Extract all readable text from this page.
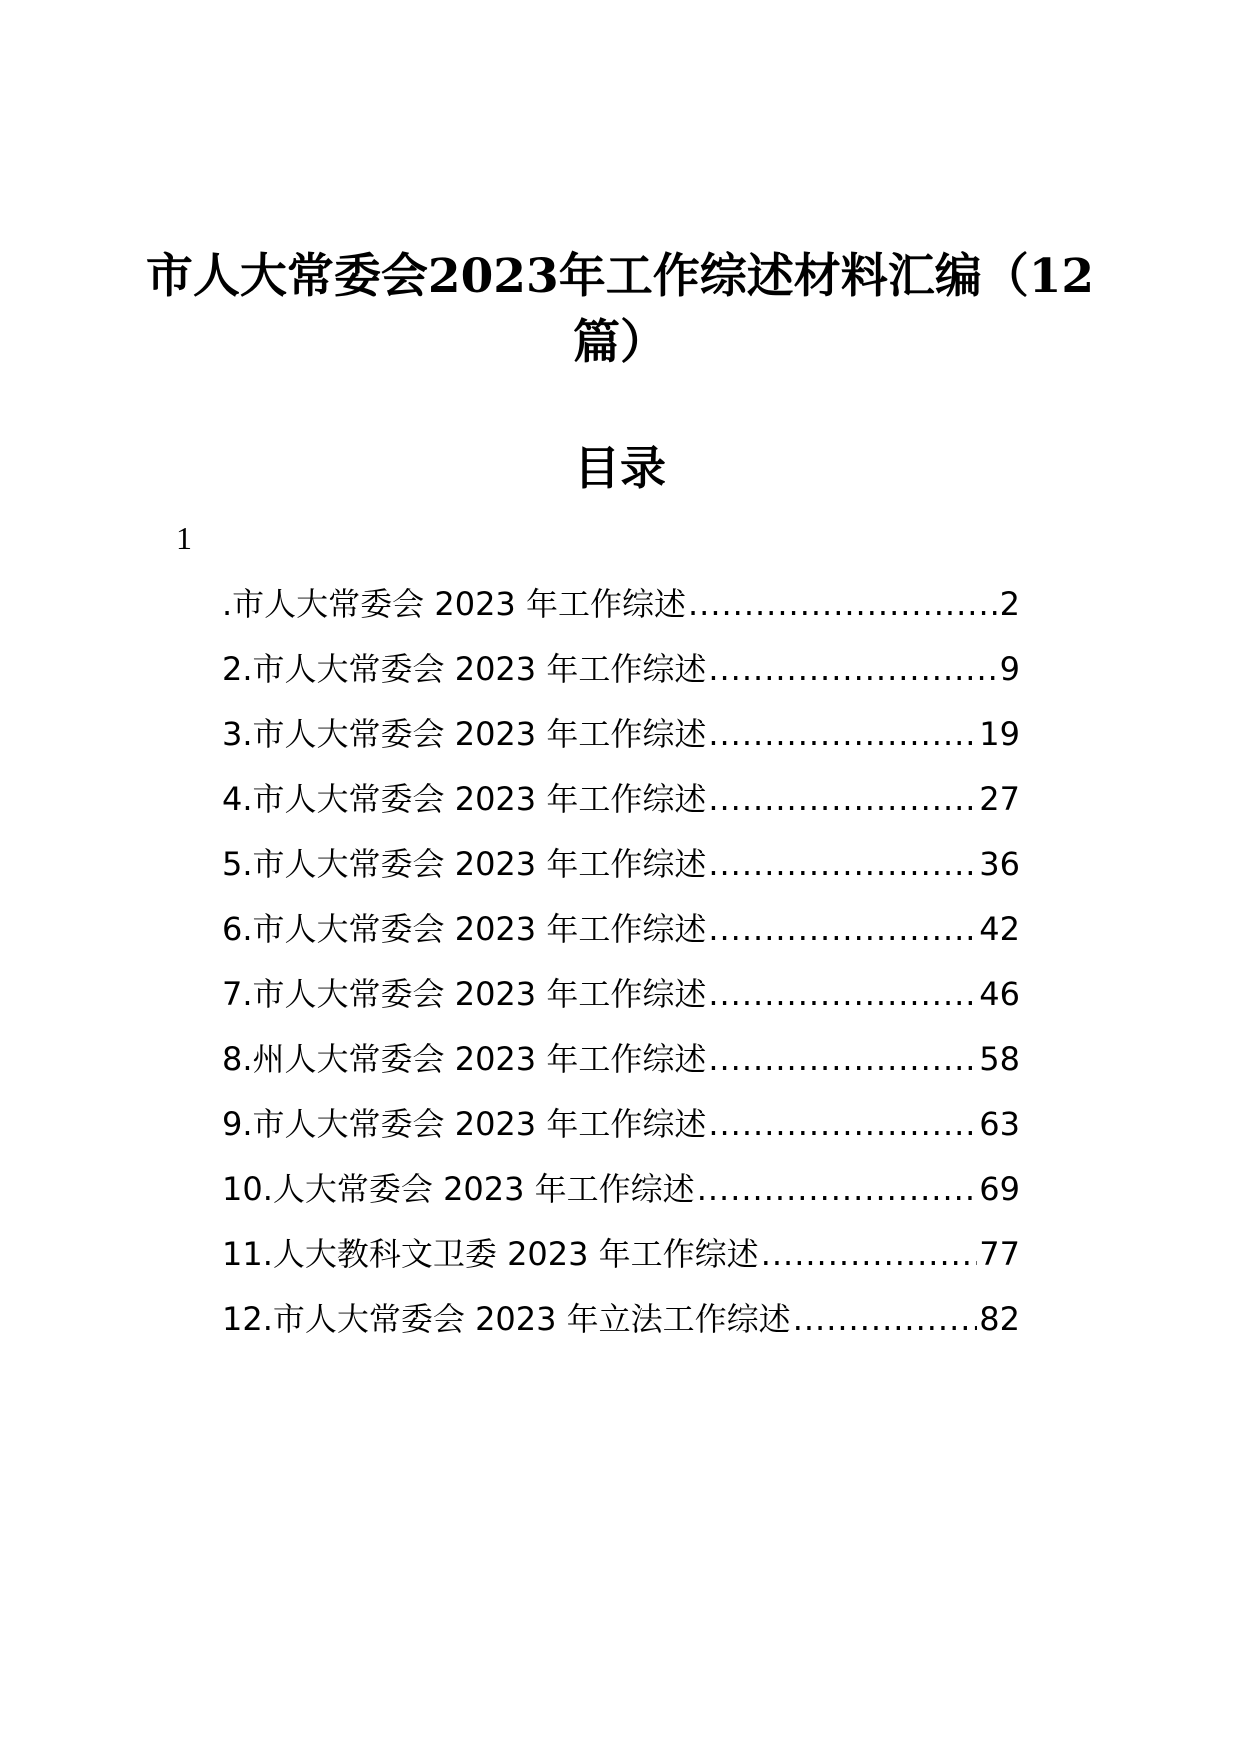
市人大常委会2023年工作综述材料汇编（12
篇）
目录
1
.市人大常委会 2023 年工作综述 .....	2
2.市人大常委会 2023 年工作综述 .....	9
3.市人大常委会 2023 年工作综述 .....	19
4.市人大常委会 2023 年工作综述 .....	27
5.市人大常委会 2023 年工作综述 .....	36
6.市人大常委会 2023 年工作综述 .....	42
7.市人大常委会 2023 年工作综述 .....	46
8.州人大常委会 2023 年工作综述 .....	58
9.市人大常委会 2023 年工作综述 .....	63
10.人大常委会 2023 年工作综述 .....	69
11.人大教科文卫委 2023 年工作综述 .....	77
12.市人大常委会 2023 年立法工作综述 .....	82
